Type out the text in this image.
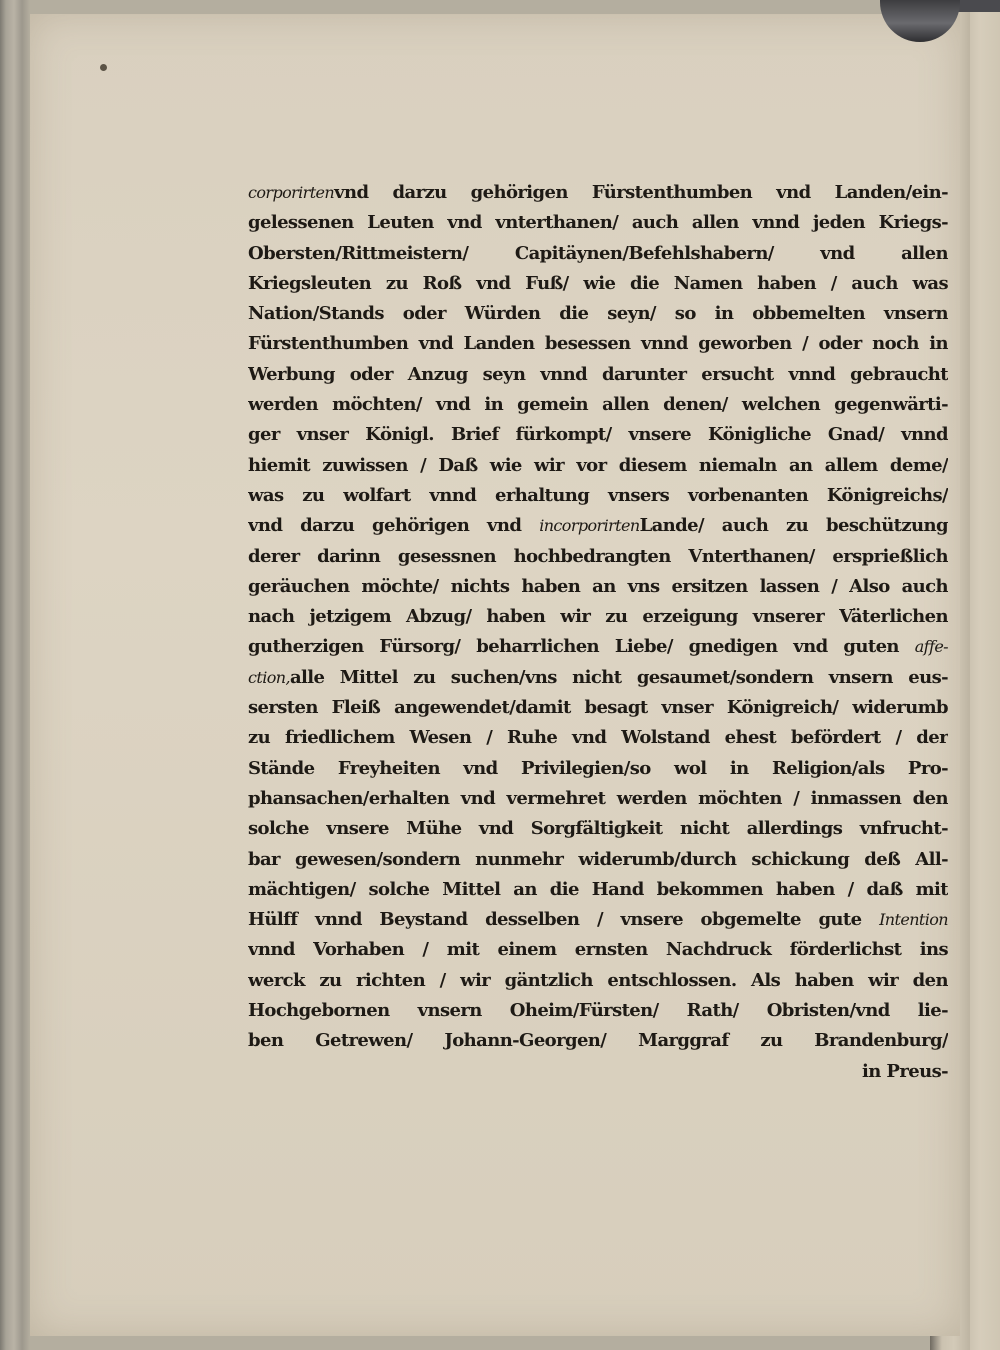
corporirtenvnd darzu gehörigen Fürstenthumben vnd Landen/ein-
gelessenen Leuten vnd vnterthanen/ auch allen vnnd jeden Kriegs-
Obersten/Rittmeistern/ Capitäynen/Befehlshabern/ vnd allen
Kriegsleuten zu Roß vnd Fuß/ wie die Namen haben / auch was
Nation/Stands oder Würden die seyn/ so in obbemelten vnsern
Fürstenthumben vnd Landen besessen vnnd geworben / oder noch in
Werbung oder Anzug seyn vnnd darunter ersucht vnnd gebraucht
werden möchten/ vnd in gemein allen denen/ welchen gegenwärti-
ger vnser Königl. Brief fürkompt/ vnsere Königliche Gnad/ vnnd
hiemit zuwissen / Daß wie wir vor diesem niemaln an allem deme/
was zu wolfart vnnd erhaltung vnsers vorbenanten Königreichs/
vnd darzu gehörigen vnd incorporirtenLande/ auch zu beschützung
derer darinn gesessnen hochbedrangten Vnterthanen/ ersprießlich
geräuchen möchte/ nichts haben an vns ersitzen lassen / Also auch
nach jetzigem Abzug/ haben wir zu erzeigung vnserer Väterlichen
gutherzigen Fürsorg/ beharrlichen Liebe/ gnedigen vnd guten affe-
ction,alle Mittel zu suchen/vns nicht gesaumet/sondern vnsern eus-
sersten Fleiß angewendet/damit besagt vnser Königreich/ widerumb
zu friedlichem Wesen / Ruhe vnd Wolstand ehest befördert / der
Stände Freyheiten vnd Privilegien/so wol in Religion/als Pro-
phansachen/erhalten vnd vermehret werden möchten / inmassen den
solche vnsere Mühe vnd Sorgfältigkeit nicht allerdings vnfrucht-
bar gewesen/sondern nunmehr widerumb/durch schickung deß All-
mächtigen/ solche Mittel an die Hand bekommen haben / daß mit
Hülff vnnd Beystand desselben / vnsere obgemelte gute Intention
vnnd Vorhaben / mit einem ernsten Nachdruck förderlichst ins
werck zu richten / wir gäntzlich entschlossen. Als haben wir den
Hochgebornen vnsern Oheim/Fürsten/ Rath/ Obristen/vnd lie-
ben Getrewen/ Johann-Georgen/ Marggraf zu Brandenburg/
in Preus-
